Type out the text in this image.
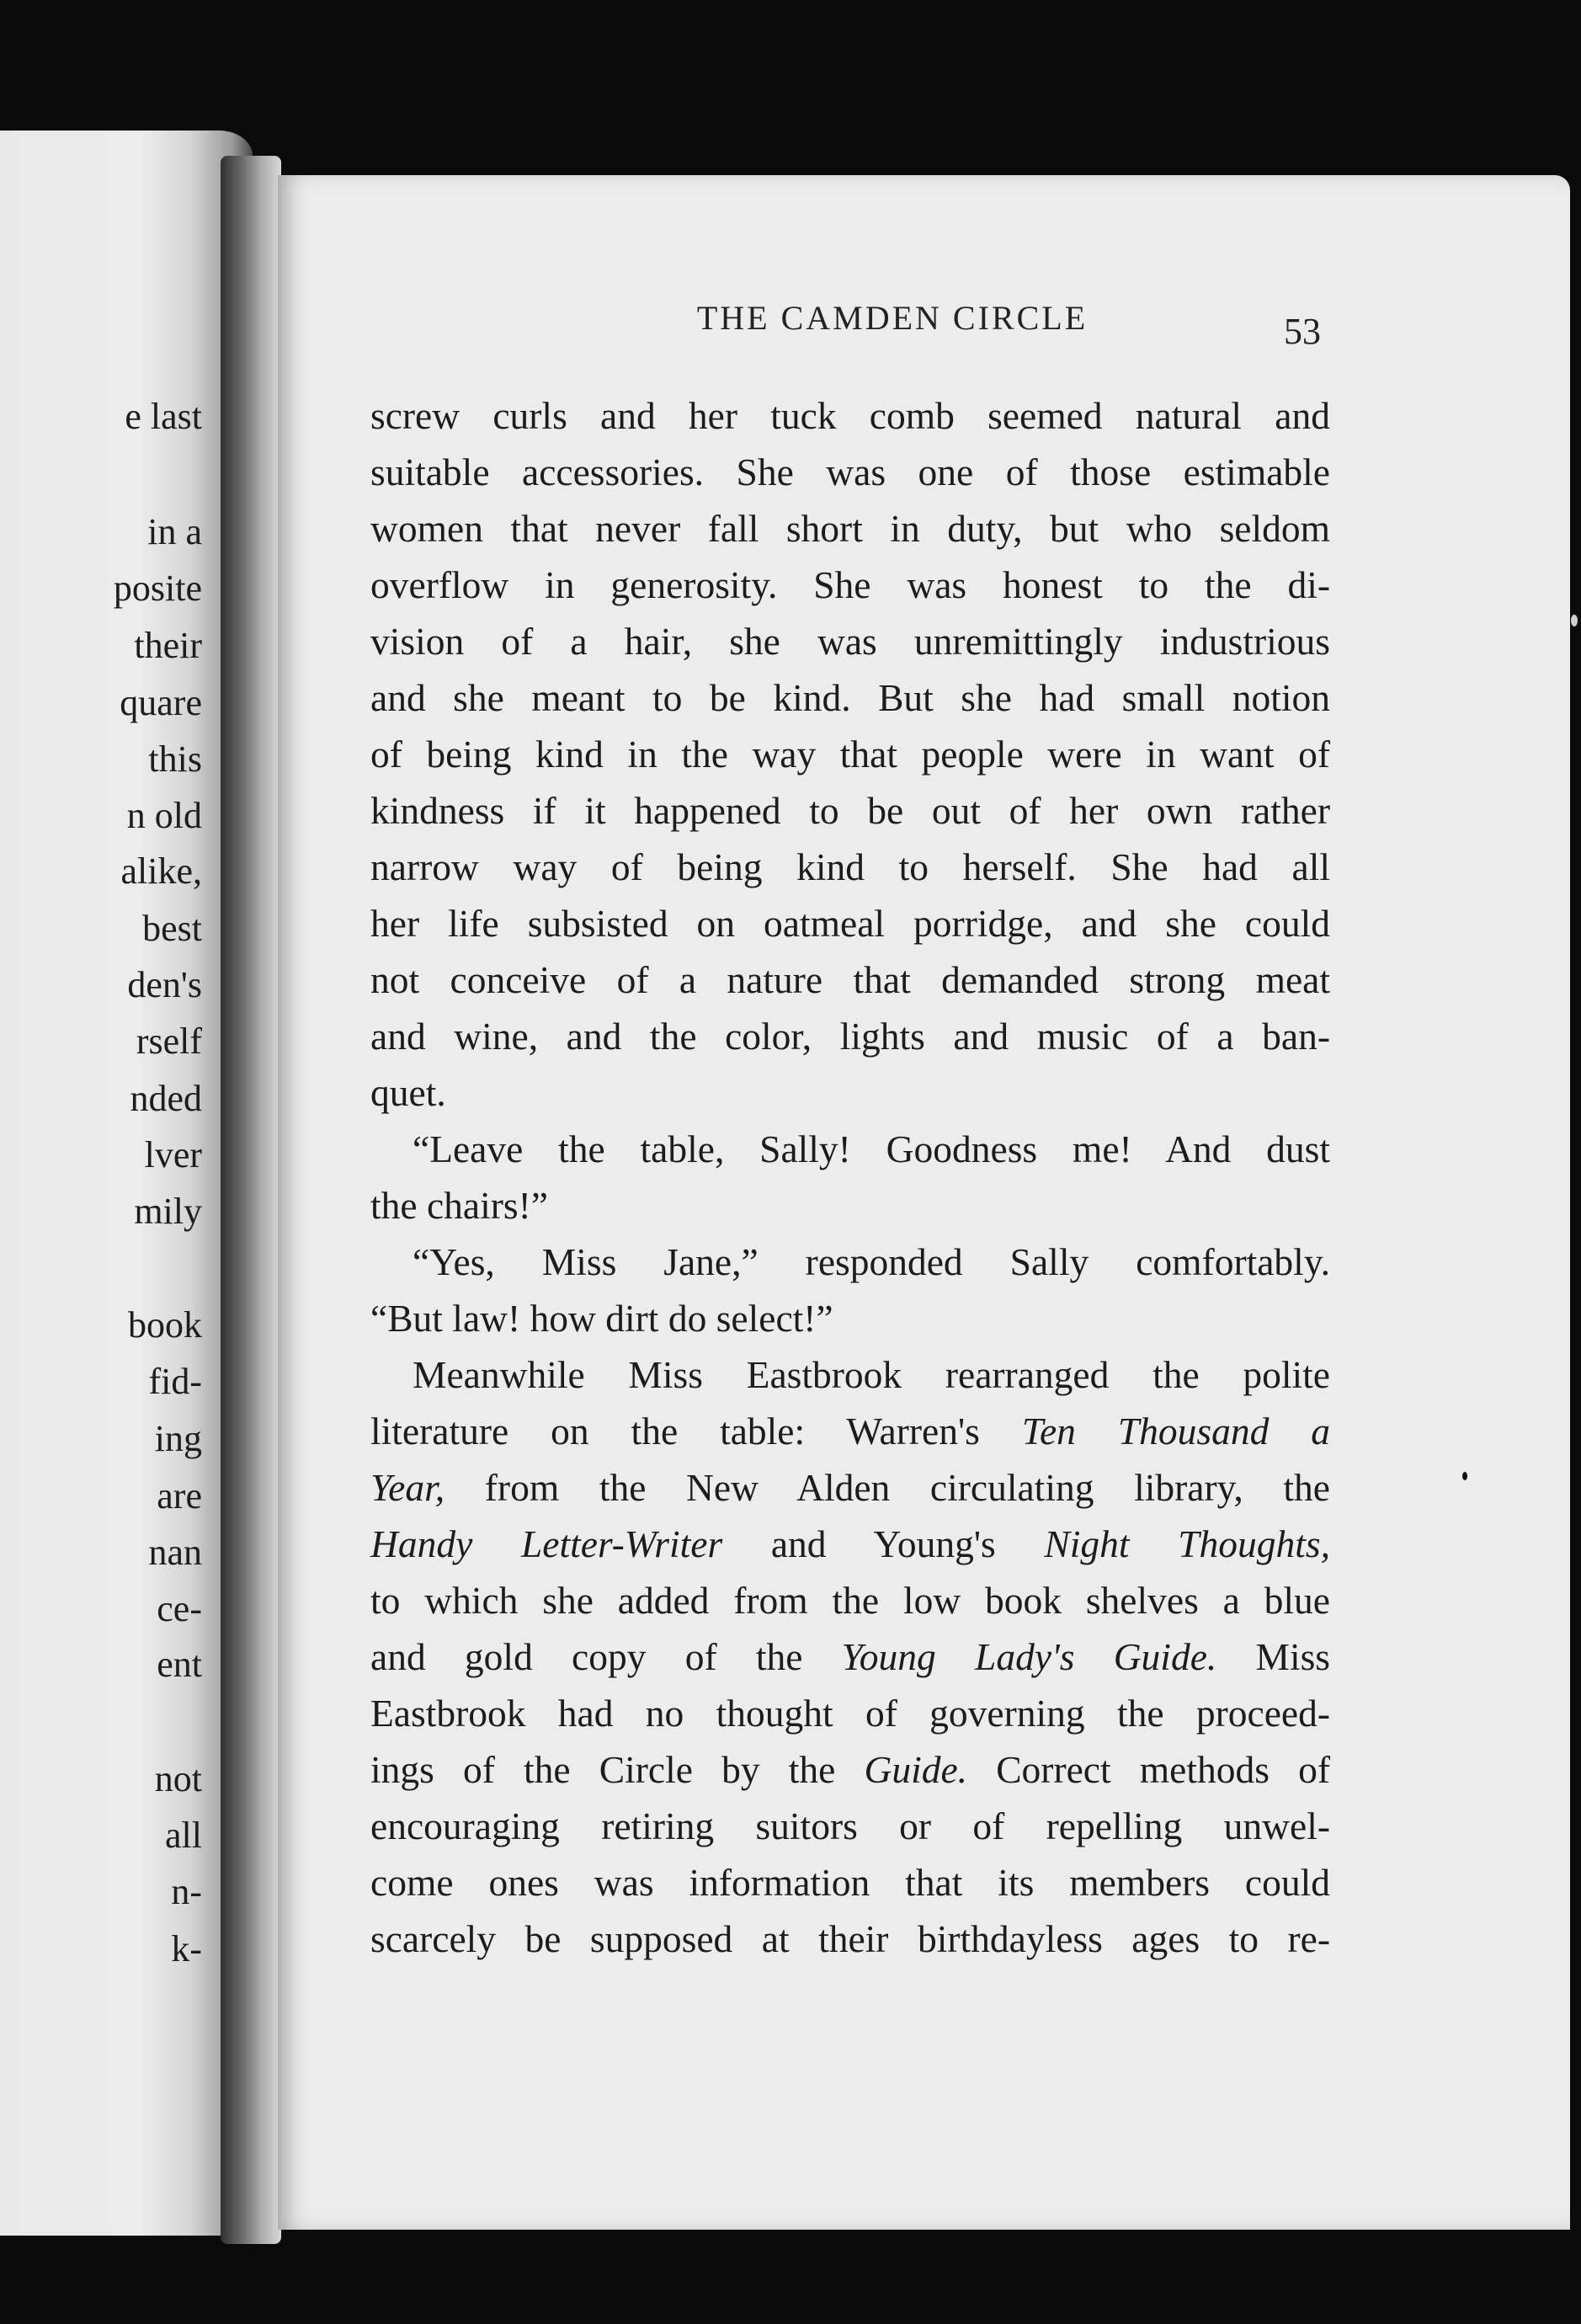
e last
in a
posite
their
quare
this
n old
alike,
best
den's
rself
nded
lver
mily
book
fid-
ing
are
nan
ce-
ent
not
all
n-
k-
THE CAMDEN CIRCLE	53
screw curls and her tuck comb seemed natural and
suitable accessories. She was one of those estimable
women that never fall short in duty, but who seldom
overflow in generosity. She was honest to the di-
vision of a hair, she was unremittingly industrious
and she meant to be kind. But she had small notion
of being kind in the way that people were in want of
kindness if it happened to be out of her own rather
narrow way of being kind to herself. She had all
her life subsisted on oatmeal porridge, and she could
not conceive of a nature that demanded strong meat
and wine, and the color, lights and music of a ban-
quet.
“Leave the table, Sally! Goodness me! And dust
the chairs!”
“Yes, Miss Jane,” responded Sally comfortably.
“But law! how dirt do select!”
Meanwhile Miss Eastbrook rearranged the polite
literature on the table: Warren's Ten Thousand a
Year, from the New Alden circulating library, the
Handy Letter-Writer and Young's Night Thoughts,
to which she added from the low book shelves a blue
and gold copy of the Young Lady's Guide. Miss
Eastbrook had no thought of governing the proceed-
ings of the Circle by the Guide. Correct methods of
encouraging retiring suitors or of repelling unwel-
come ones was information that its members could
scarcely be supposed at their birthdayless ages to re-
